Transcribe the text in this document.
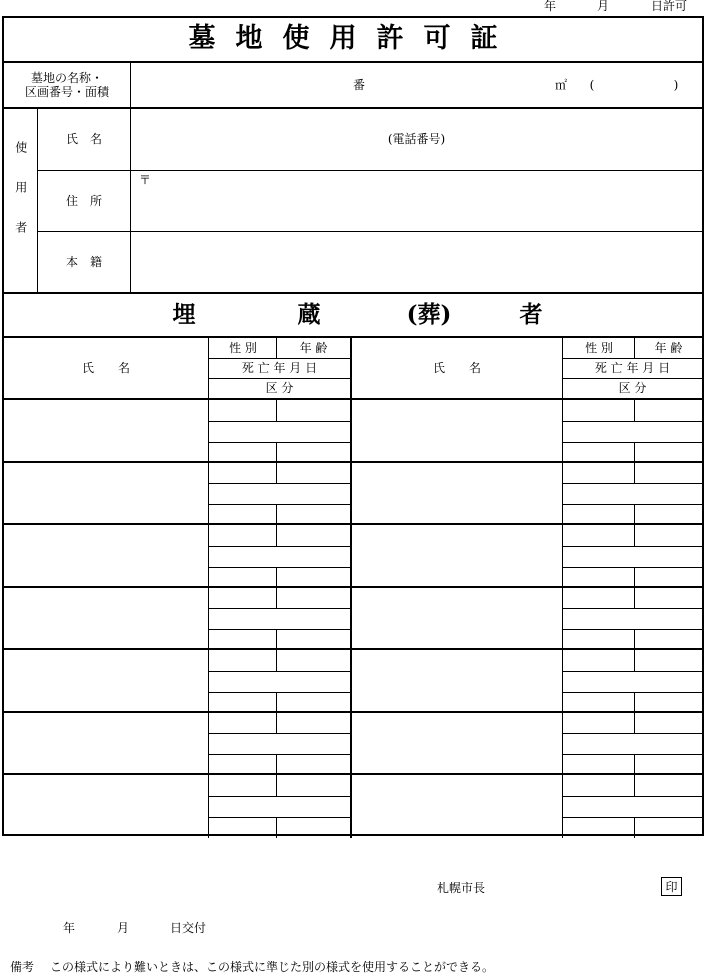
年	月	日許可
墓地使用許可証
墓地の名称・
区画番号・面積
番	㎡	(	)
使用者
氏　名	(電話番号)
住　所
〒
本　籍
埋	蔵	(葬)	者
氏　　名
性 別	年 齢
死 亡 年 月 日
区 分
氏　　名
性 別	年 齢
死 亡 年 月 日
区 分
札幌市長	印
年	月	日交付
備考 この様式により難いときは、この様式に準じた別の様式を使用することができる。
